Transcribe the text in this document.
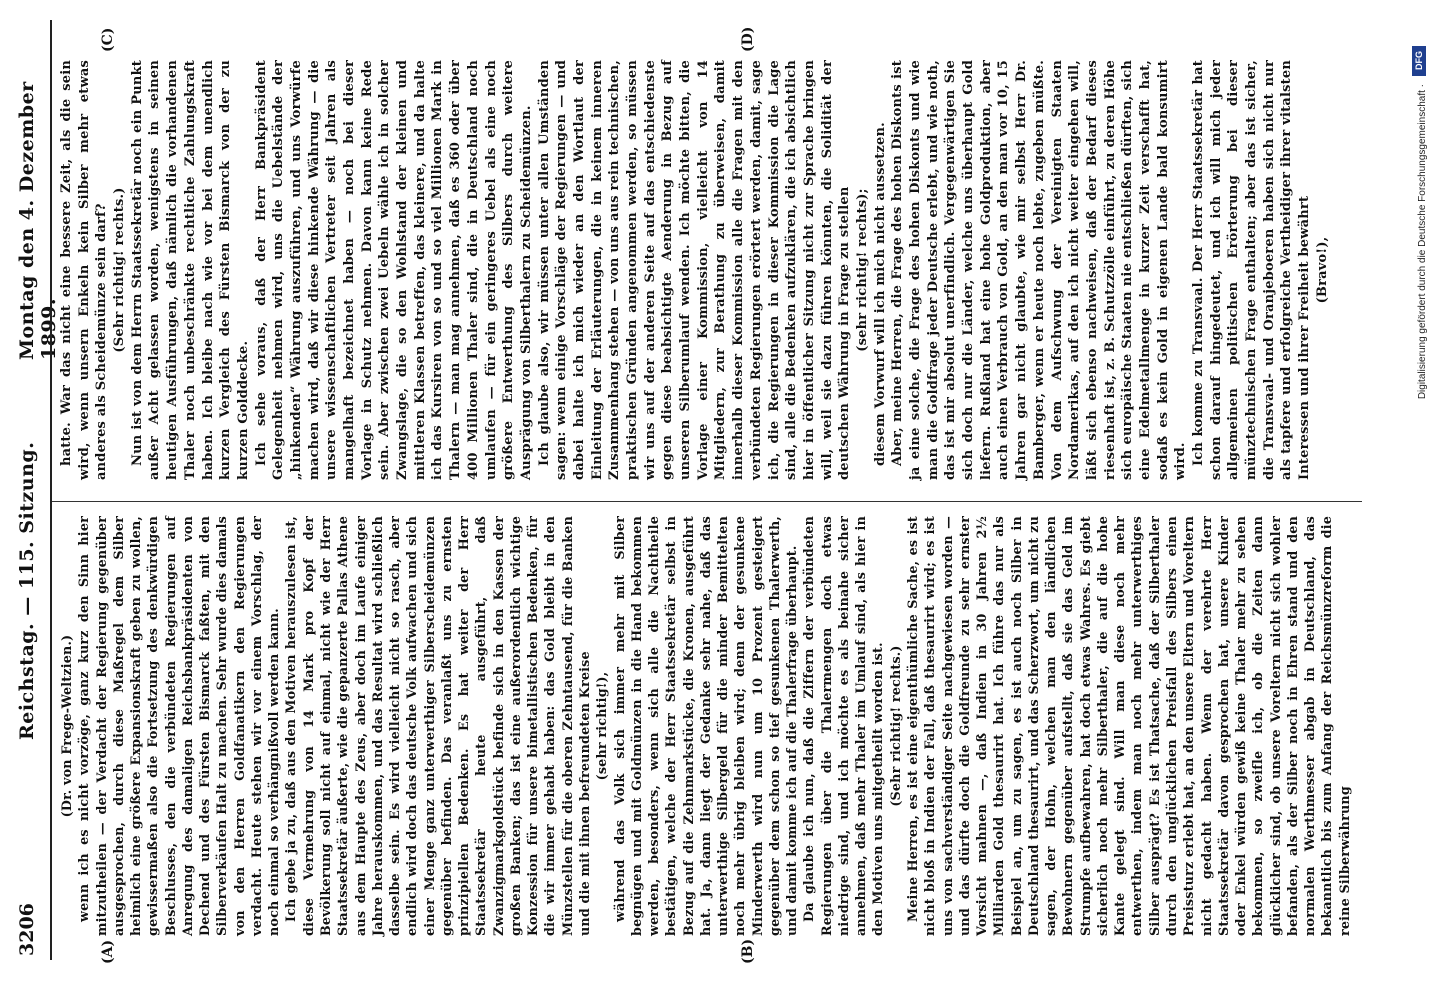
3206
Reichstag. — 115. Sitzung.
Montag den 4. Dezember 1899.
(A)	(B)
(C)	(D)

(Dr. von Frege-Weltzien.) wenn ich es nicht vorzöge, ganz kurz den Sinn hier mitzutheilen — der Verdacht der Regierung gegenüber ausgesprochen, durch diese Maßregel dem Silber heimlich eine größere Expansionskraft geben zu wollen, gewissermaßen also die Fortsetzung des denkwürdigen Beschlusses, den die verbündeten Regierungen auf Anregung des damaligen Reichsbankpräsidenten von Dechend und des Fürsten Bismarck faßten, mit den Silberverkäufen Halt zu machen. Sehr wurde dies damals von den Herren Goldfanatikern den Regierungen verdacht. Heute stehen wir vor einem Vorschlag, der noch einmal so verhängnißvoll werden kann. Ich gebe ja zu, daß aus den Motiven herauszulesen ist, diese Vermehrung von 14 Mark pro Kopf der Bevölkerung soll nicht auf einmal, nicht wie der Herr Staatssekretär äußerte, wie die gepanzerte Pallas Athene aus dem Haupte des Zeus, aber doch im Laufe einiger Jahre herauskommen, und das Resultat wird schließlich dasselbe sein. Es wird vielleicht nicht so rasch, aber endlich wird doch das deutsche Volk aufwachen und sich einer Menge ganz unterwerthiger Silberscheidemünzen gegenüber befinden. Das veranlaßt uns zu ernsten prinzipiellen Bedenken. Es hat weiter der Herr Staatssekretär heute ausgeführt, daß Zwanzigmarkgoldstück befinde sich in den Kassen der großen Banken; das ist eine außerordentlich wichtige Konzession für unsere bimetallistischen Bedenken, für die wir immer gehabt haben: das Gold bleibt in den Münzstellen für die oberen Zehntausend, für die Banken und die mit ihnen befreundeten Kreise (sehr richtig!), während das Volk sich immer mehr mit Silber begnügen und mit Goldmünzen in die Hand bekommen werden, besonders, wenn sich alle die Nachtheile bestätigen, welche der Herr Staatssekretär selbst in Bezug auf die Zehnmarkstücke, die Kronen, ausgeführt hat. Ja, dann liegt der Gedanke sehr nahe, daß das unterwerthige Silbergeld für die minder Bemittelten noch mehr übrig bleiben wird; denn der gesunkene Minderwerth wird nun um 10 Prozent gesteigert gegenüber dem schon so tief gesunkenen Thalerwerth, und damit komme ich auf die Thalerfrage überhaupt. Da glaube ich nun, daß die Ziffern der verbündeten Regierungen über die Thalermengen doch etwas niedrige sind, und ich möchte es als beinahe sicher annehmen, daß mehr Thaler im Umlauf sind, als hier in den Motiven uns mitgetheilt worden ist. (Sehr richtig! rechts.) Meine Herren, es ist eine eigenthümliche Sache, es ist nicht bloß in Indien der Fall, daß thesaurirt wird; es ist uns von sachverständiger Seite nachgewiesen worden — und das dürfte doch die Goldfreunde zu sehr ernster Vorsicht mahnen —, daß Indien in 30 Jahren 2½ Milliarden Gold thesaurirt hat. Ich führe das nur als Beispiel an, um zu sagen, es ist auch noch Silber in Deutschland thesaurirt, und das Scherzwort, um nicht zu sagen, der Hohn, welchen man den ländlichen Bewohnern gegenüber aufstellt, daß sie das Geld im Strumpfe aufbewahren, hat doch etwas Wahres. Es giebt sicherlich noch mehr Silberthaler, die auf die hohe Kante gelegt sind. Will man diese noch mehr entwerthen, indem man noch mehr unterwerthiges Silber ausprägt? Es ist Thatsache, daß der Silberthaler durch den unglücklichen Preisfall des Silbers einen Preissturz erlebt hat, an den unsere Eltern und Voreltern nicht gedacht haben. Wenn der verehrte Herr Staatssekretär davon gesprochen hat, unsere Kinder oder Enkel würden gewiß keine Thaler mehr zu sehen bekommen, so zweifle ich, ob die Zeiten dann glücklicher sind, ob unsere Voreltern nicht sich wohler befanden, als der Silber noch in Ehren stand und den normalen Werthmesser abgab in Deutschland, das bekanntlich bis zum Anfang der Reichsmünzreform die reine Silberwährung

hatte. War das nicht eine bessere Zeit, als die sein wird, wenn unsern Enkeln kein Silber mehr etwas anderes als Scheidemünze sein darf? (Sehr richtig! rechts.) Nun ist von dem Herrn Staatssekretär noch ein Punkt außer Acht gelassen worden, wenigstens in seinen heutigen Ausführungen, daß nämlich die vorhandenen Thaler noch unbeschränkte rechtliche Zahlungskraft haben. Ich bleibe nach wie vor bei dem unendlich kurzen Vergleich des Fürsten Bismarck von der zu kurzen Golddecke. Ich sehe voraus, daß der Herr Bankpräsident Gelegenheit nehmen wird, uns die Uebelstände der „hinkenden“ Währung auszuführen, und uns Vorwürfe machen wird, daß wir diese hinkende Währung — die unsere wissenschaftlichen Vertreter seit Jahren als mangelhaft bezeichnet haben — noch bei dieser Vorlage in Schutz nehmen. Davon kann keine Rede sein. Aber zwischen zwei Uebeln wähle ich in solcher Zwangslage, die so den Wohlstand der kleinen und mittleren Klassen betreffen, das kleinere, und da halte ich das Kursiren von so und so viel Millionen Mark in Thalern — man mag annehmen, daß es 360 oder über 400 Millionen Thaler sind, die in Deutschland noch umlaufen — für ein geringeres Uebel als eine noch größere Entwerthung des Silbers durch weitere Ausprägung von Silberthalern zu Scheidemünzen. Ich glaube also, wir müssen unter allen Umständen sagen: wenn einige Vorschläge der Regierungen — und dabei halte ich mich wieder an den Wortlaut der Einleitung der Erläuterungen, die in keinem inneren Zusammenhang stehen — von uns aus rein technischen, praktischen Gründen angenommen werden, so müssen wir uns auf der anderen Seite auf das entschiedenste gegen diese beabsichtigte Aenderung in Bezug auf unseren Silberumlauf wenden. Ich möchte bitten, die Vorlage einer Kommission, vielleicht von 14 Mitgliedern, zur Berathung zu überweisen, damit innerhalb dieser Kommission alle die Fragen mit den verbündeten Regierungen erörtert werden, damit, sage ich, die Regierungen in dieser Kommission die Lage sind, alle die Bedenken aufzuklären, die ich absichtlich hier in öffentlicher Sitzung nicht zur Sprache bringen will, weil sie dazu führen könnten, die Solidität der deutschen Währung in Frage zu stellen (sehr richtig! rechts); diesem Vorwurf will ich mich nicht aussetzen. Aber, meine Herren, die Frage des hohen Diskonts ist ja eine solche, die Frage des hohen Diskonts und wie man die Goldfrage jeder Deutsche erlebt, und wie noth, das ist mir absolut unerfindlich. Vergegenwärtigen Sie sich doch nur die Länder, welche uns überhaupt Gold liefern. Rußland hat eine hohe Goldproduktion, aber auch einen Verbrauch von Gold, an den man vor 10, 15 Jahren gar nicht glaubte, wie mir selbst Herr Dr. Bamberger, wenn er heute noch lebte, zugeben müßte. Von dem Aufschwung der Vereinigten Staaten Nordamerikas, auf den ich nicht weiter eingehen will, läßt sich ebenso nachweisen, daß der Bedarf dieses riesenhaft ist, z. B. Schutzzölle einführt, zu deren Höhe sich europäische Staaten nie entschließen dürften, sich eine Edelmetallmenge in kurzer Zeit verschafft hat, sodaß es kein Gold in eigenen Lande bald konsumirt wird. Ich komme zu Transvaal. Der Herr Staatssekretär hat schon darauf hingedeutet, und ich will mich jeder allgemeinen politischen Erörterung bei dieser münztechnischen Frage enthalten; aber das ist sicher, die Transvaal- und Oranjeboeren haben sich nicht nur als tapfere und erfolgreiche Vertheidiger ihrer vitalsten Interessen und ihrer Freiheit bewährt (Bravo!),

DFG
Digitalisierung gefördert durch die Deutsche Forschungsgemeinschaft ·
